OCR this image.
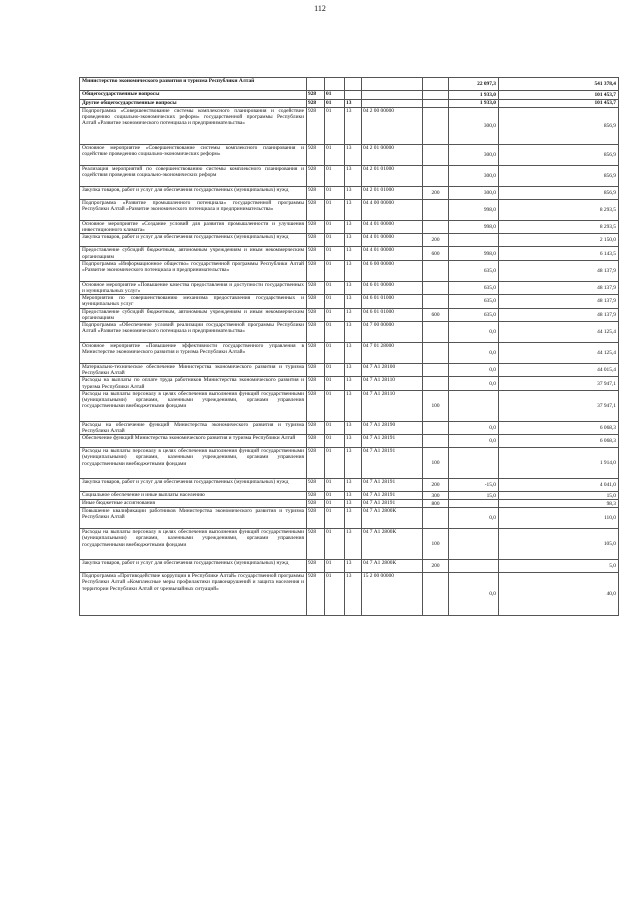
112
Министерство экономического развития и туризма Республики Алтай						22 097,3	541 378,4
Общегосударственные вопросы	928	01				1 933,0	101 453,7
Другие общегосударственные вопросы	928	01	13			1 933,0	101 453,7
Подпрограмма «Совершенствование системы комплексного планирования и содействие проведению социально-экономических реформ» государственной программы Республики Алтай «Развитие экономического потенциала и предпринимательства»	928	01	13	04 2 00 00000		300,0	856,9
Основное мероприятие «Совершенствование системы комплексного планирования и содействие проведению социально-экономических реформ»	928	01	13	04 2 01 00000		300,0	856,9
Реализация мероприятий по совершенствованию системы комплексного планирования и содействия проведения социально-экономических реформ	928	01	13	04 2 01 01000		300,0	856,9
Закупка товаров, работ и услуг для обеспечения государственных (муниципальных) нужд	928	01	13	04 2 01 01000	200	300,0	856,9
Подпрограмма «Развитие промышленного потенциала» государственной программы Республики Алтай «Развитие экономического потенциала и предпринимательства»	928	01	13	04 4 00 00000		998,0	8 293,5
Основное мероприятие «Создание условий для развития промышленности и улучшения инвестиционного климата»	928	01	13	04 4 01 00000		998,0	8 293,5
Закупка товаров, работ и услуг для обеспечения государственных (муниципальных) нужд	928	01	13	04 4 01 00000	200		2 150,0
Предоставление субсидий бюджетным, автономным учреждениям и иным некоммерческим организациям	928	01	13	04 4 01 00000	600	998,0	6 143,5
Подпрограмма «Информационное общество» государственной программы Республики Алтай «Развитие экономического потенциала и предпринимательства»	928	01	13	04 6 00 00000		635,0	48 137,9
Основное мероприятие «Повышение качества предоставления и доступности государственных и муниципальных услуг»	928	01	13	04 6 01 00000		635,0	48 137,9
Мероприятия по совершенствованию механизма предоставления государственных и муниципальных услуг	928	01	13	04 6 01 01000		635,0	48 137,9
Предоставление субсидий бюджетным, автономным учреждениям и иным некоммерческим организациям	928	01	13	04 6 01 01000	600	635,0	48 137,9
Подпрограмма «Обеспечение условий реализации государственной программы Республики Алтай «Развитие экономического потенциала и предпринимательства»	928	01	13	04 7 00 00000		0,0	44 125,4
Основное мероприятие «Повышение эффективности государственного управления в Министерстве экономического развития и туризма Республики Алтай»	928	01	13	04 7 01 28000		0,0	44 125,4
Материально-техническое обеспечение Министерства экономического развития и туризма Республики Алтай	928	01	13	04 7 А1 28100		0,0	44 015,4
Расходы на выплаты по оплате труда работников Министерства экономического развития и туризма Республики Алтай	928	01	13	04 7 А1 28110		0,0	37 947,1
Расходы на выплаты персоналу в целях обеспечения выполнения функций государственными (муниципальными) органами, казенными учреждениями, органами управления государственными внебюджетными фондами	928	01	13	04 7 А1 28110	100		37 947,1
Расходы на обеспечение функций Министерства экономического развития и туризма Республики Алтай	928	01	13	04 7 А1 28190		0,0	6 068,3
Обеспечение функций Министерства экономического развития и туризма Республики Алтай	928	01	13	04 7 А1 28191		0,0	6 068,3
Расходы на выплаты персоналу в целях обеспечения выполнения функций государственными (муниципальными) органами, казенными учреждениями, органами управления государственными внебюджетными фондами	928	01	13	04 7 А1 28191	100		1 914,0
Закупка товаров, работ и услуг для обеспечения государственных (муниципальных) нужд	928	01	13	04 7 А1 28191	200	-15,0	4 041,0
Социальное обеспечение и иные выплаты населению	928	01	13	04 7 А1 28191	300	15,0	15,0
Иные бюджетные ассигнования	928	01	13	04 7 А1 28191	800		98,3
Повышение квалификации работников Министерства экономического развития и туризма Республики Алтай	928	01	13	04 7 А1 2800К		0,0	110,0
Расходы на выплаты персоналу в целях обеспечения выполнения функций государственными (муниципальными) органами, казенными учреждениями, органами управления государственными внебюджетными фондами	928	01	13	04 7 А1 2800К	100		105,0
Закупка товаров, работ и услуг для обеспечения государственных (муниципальных) нужд	928	01	13	04 7 А1 2800К	200		5,0
Подпрограмма «Противодействие коррупции в Республике Алтай» государственной программы Республики Алтай «Комплексные меры профилактики правонарушений и защита населения и территории Республики Алтай от чрезвычайных ситуаций»	928	01	13	15 2 00 00000		0,0	40,0
